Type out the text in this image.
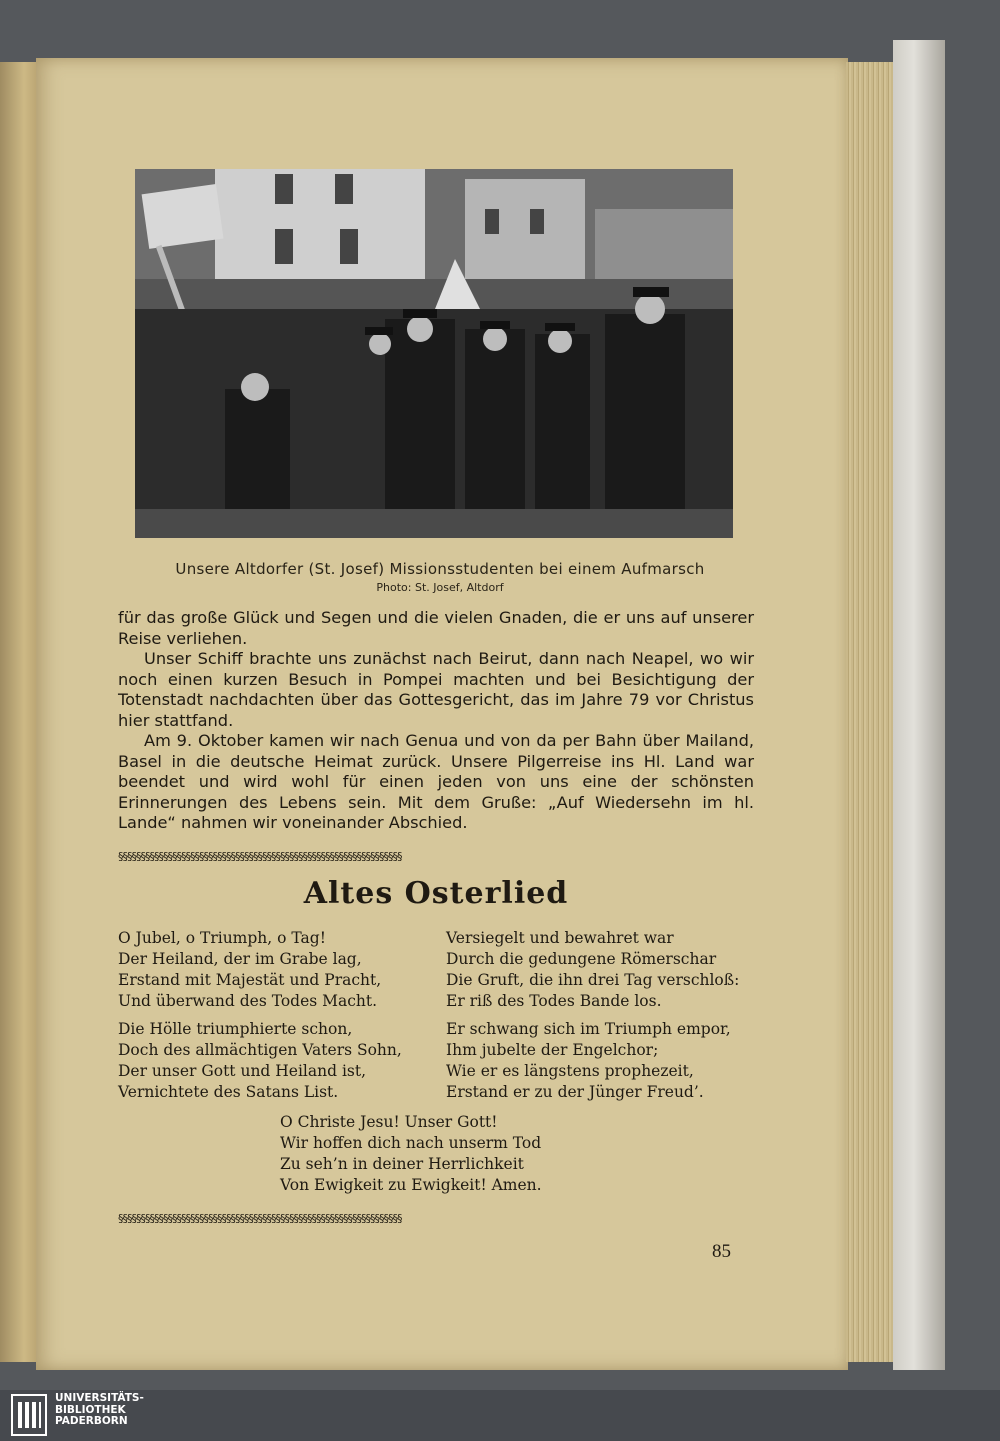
Unsere Altdorfer (St. Josef) Missionsstudenten bei einem Aufmarsch
Photo: St. Josef, Altdorf

für das große Glück und Segen und die vielen Gnaden, die er uns auf unserer Reise verliehen.

Unser Schiff brachte uns zunächst nach Beirut, dann nach Neapel, wo wir noch einen kurzen Besuch in Pompei machten und bei Besichtigung der Totenstadt nachdachten über das Gottesgericht, das im Jahre 79 vor Christus hier stattfand.

Am 9. Oktober kamen wir nach Genua und von da per Bahn über Mailand, Basel in die deutsche Heimat zurück. Unsere Pilgerreise ins Hl. Land war beendet und wird wohl für einen jeden von uns eine der schönsten Erinnerungen des Lebens sein. Mit dem Gruße: „Auf Wiedersehn im hl. Lande“ nahmen wir voneinander Abschied.

§§§§§§§§§§§§§§§§§§§§§§§§§§§§§§§§§§§§§§§§§§§§§§§§§§§§§§§§§§§§§§§
Altes Osterlied
O Jubel, o Triumph, o Tag!
Der Heiland, der im Grabe lag,
Erstand mit Majestät und Pracht,
Und überwand des Todes Macht.
Versiegelt und bewahret war
Durch die gedungene Römerschar
Die Gruft, die ihn drei Tag verschloß:
Er riß des Todes Bande los.
Die Hölle triumphierte schon,
Doch des allmächtigen Vaters Sohn,
Der unser Gott und Heiland ist,
Vernichtete des Satans List.
Er schwang sich im Triumph empor,
Ihm jubelte der Engelchor;
Wie er es längstens prophezeit,
Erstand er zu der Jünger Freud’.
O Christe Jesu! Unser Gott!
Wir hoffen dich nach unserm Tod
Zu seh’n in deiner Herrlichkeit
Von Ewigkeit zu Ewigkeit! Amen.
§§§§§§§§§§§§§§§§§§§§§§§§§§§§§§§§§§§§§§§§§§§§§§§§§§§§§§§§§§§§§§§
85
UNIVERSITÄTS-
BIBLIOTHEK
PADERBORN
